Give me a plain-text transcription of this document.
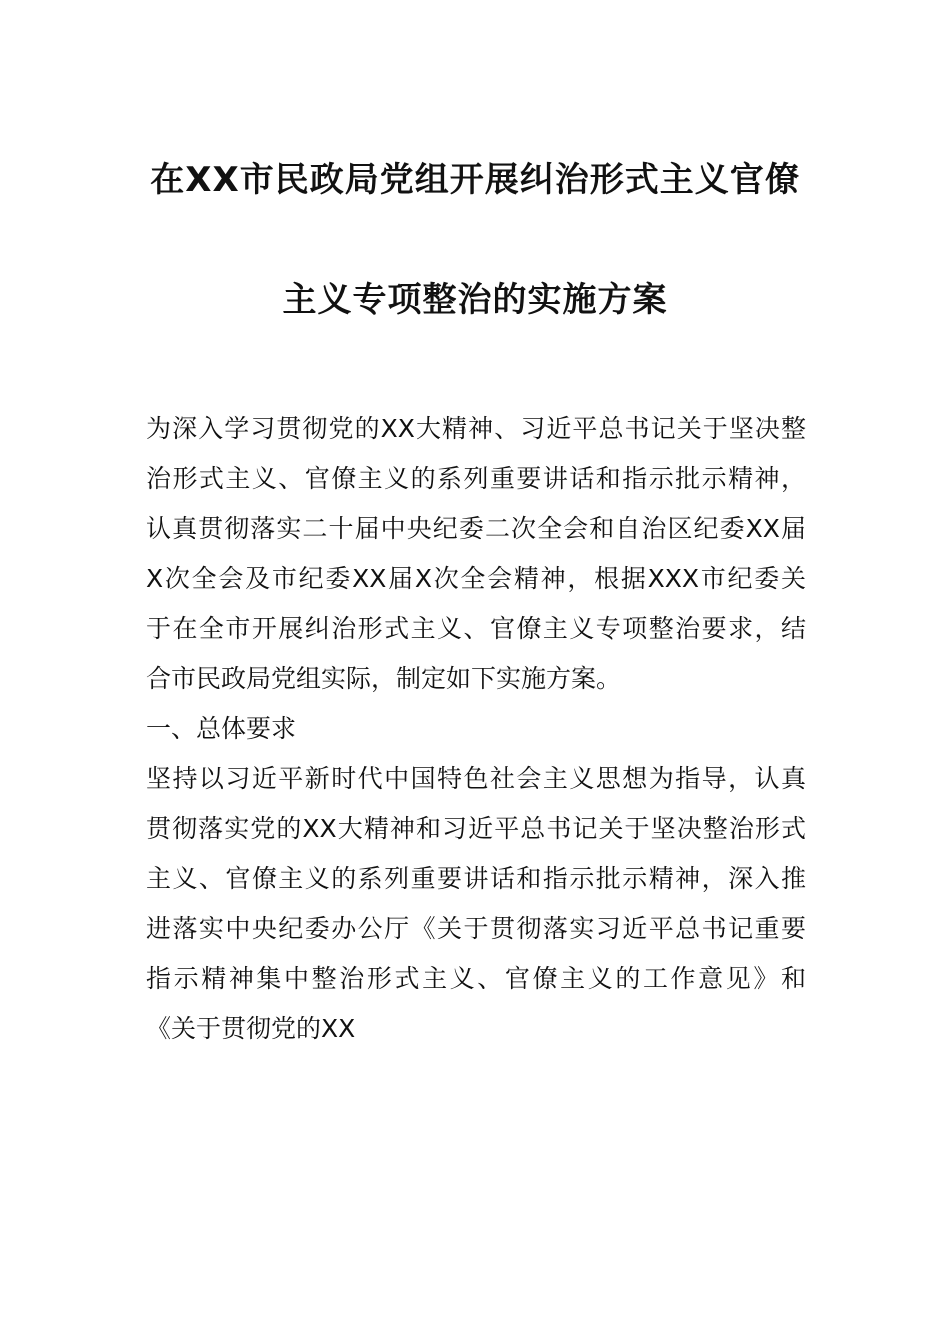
在XX市民政局党组开展纠治形式主义官僚
主义专项整治的实施方案
为深入学习贯彻党的XX大精神、习近平总书记关于坚决整
治形式主义、官僚主义的系列重要讲话和指示批示精神，
认真贯彻落实二十届中央纪委二次全会和自治区纪委XX届
X次全会及市纪委XX届X次全会精神，根据XXX市纪委关
于在全市开展纠治形式主义、官僚主义专项整治要求，结
合市民政局党组实际，制定如下实施方案。
一、总体要求
坚持以习近平新时代中国特色社会主义思想为指导，认真
贯彻落实党的XX大精神和习近平总书记关于坚决整治形式
主义、官僚主义的系列重要讲话和指示批示精神，深入推
进落实中央纪委办公厅《关于贯彻落实习近平总书记重要
指示精神集中整治形式主义、官僚主义的工作意见》和
《关于贯彻党的XX
